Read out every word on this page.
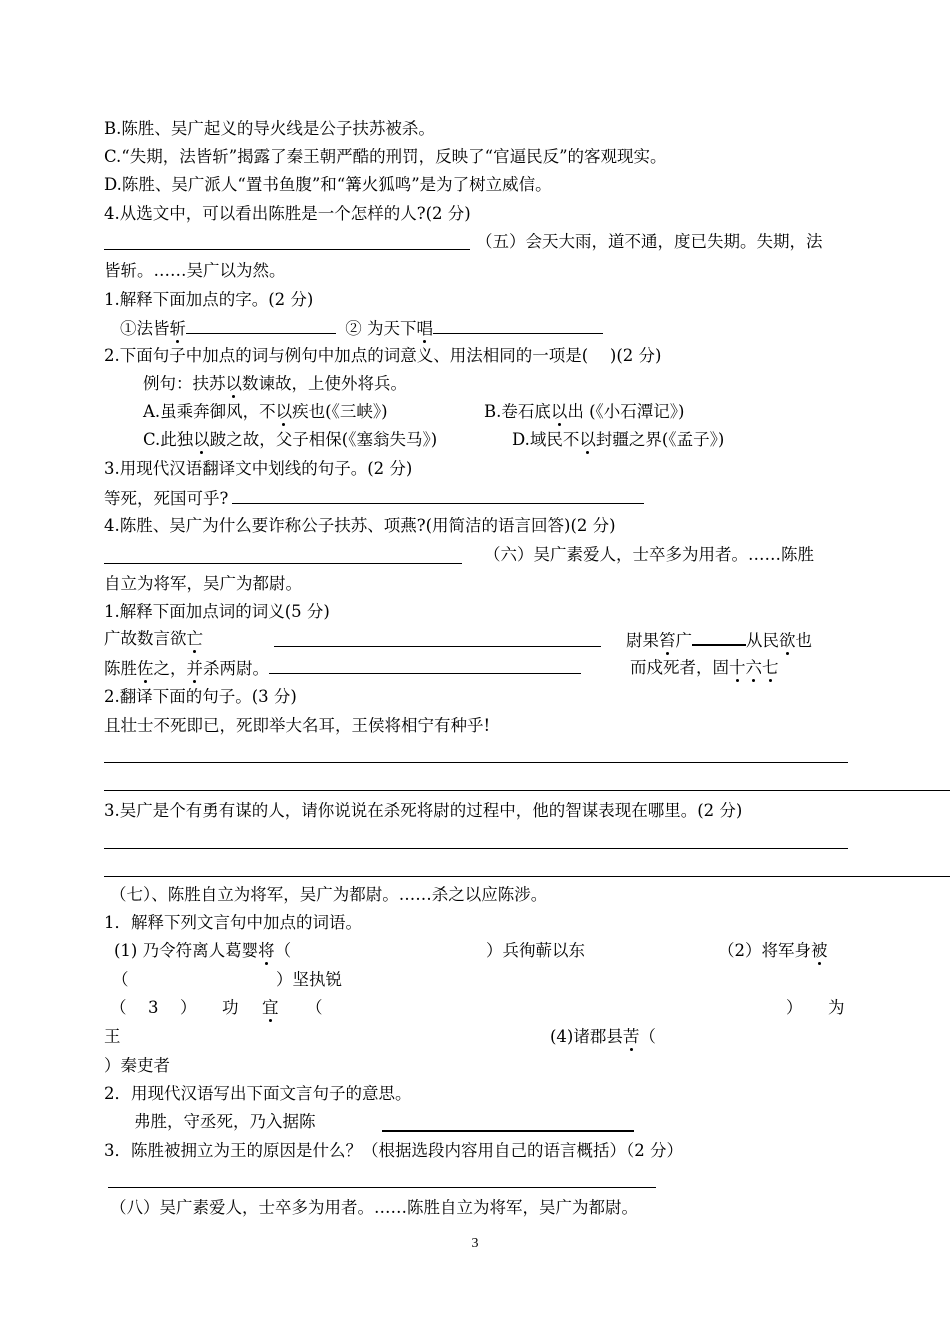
B.陈胜、吴广起义的导火线是公子扶苏被杀。
C.“失期，法皆斩”揭露了秦王朝严酷的刑罚，反映了“官逼民反”的客观现实。
D.陈胜、吴广派人“置书鱼腹”和“篝火狐鸣”是为了树立威信。
4.从选文中，可以看出陈胜是一个怎样的人?(2 分)
（五）会天大雨，道不通，度已失期。失期，法
皆斩。……吴广以为然。
1.解释下面加点的字。(2 分)
①法皆斩	② 为天下唱
2.下面句子中加点的词与例句中加点的词意义、用法相同的一项是(　 )(2 分)
例句：扶苏以数谏故，上使外将兵。
A.虽乘奔御风，不以疾也(《三峡》)	B.卷石底以出 (《小石潭记》)
C.此独以跛之故，父子相保(《塞翁失马》)	D.域民不以封疆之界(《孟子》)
3.用现代汉语翻译文中划线的句子。(2 分)
等死，死国可乎?
4.陈胜、吴广为什么要诈称公子扶苏、项燕?(用简洁的语言回答)(2 分)
（六）吴广素爱人，士卒多为用者。……陈胜
自立为将军，吴广为都尉。
1.解释下面加点词的词义(5 分)
广故数言欲亡	尉果笞广	从民欲也
陈胜佐之，并杀两尉。	而戍死者，固十六七
2.翻译下面的句子。(3 分)
且壮士不死即已，死即举大名耳，王侯将相宁有种乎!
3.吴广是个有勇有谋的人，请你说说在杀死将尉的过程中，他的智谋表现在哪里。(2 分)
（七）、陈胜自立为将军，吴广为都尉。……杀之以应陈涉。
1．解释下列文言句中加点的词语。
(1) 乃令符离人葛婴将（	）兵徇蕲以东	（2）将军身被
（	）坚执锐
（ 3 ） 功 宜 （	） 为
王	(4)诸郡县苦（
）秦吏者
2．用现代汉语写出下面文言句子的意思。
弗胜，守丞死，乃入据陈
3．陈胜被拥立为王的原因是什么？（根据选段内容用自己的语言概括）（2 分）
（八）吴广素爱人，士卒多为用者。……陈胜自立为将军，吴广为都尉。
3
